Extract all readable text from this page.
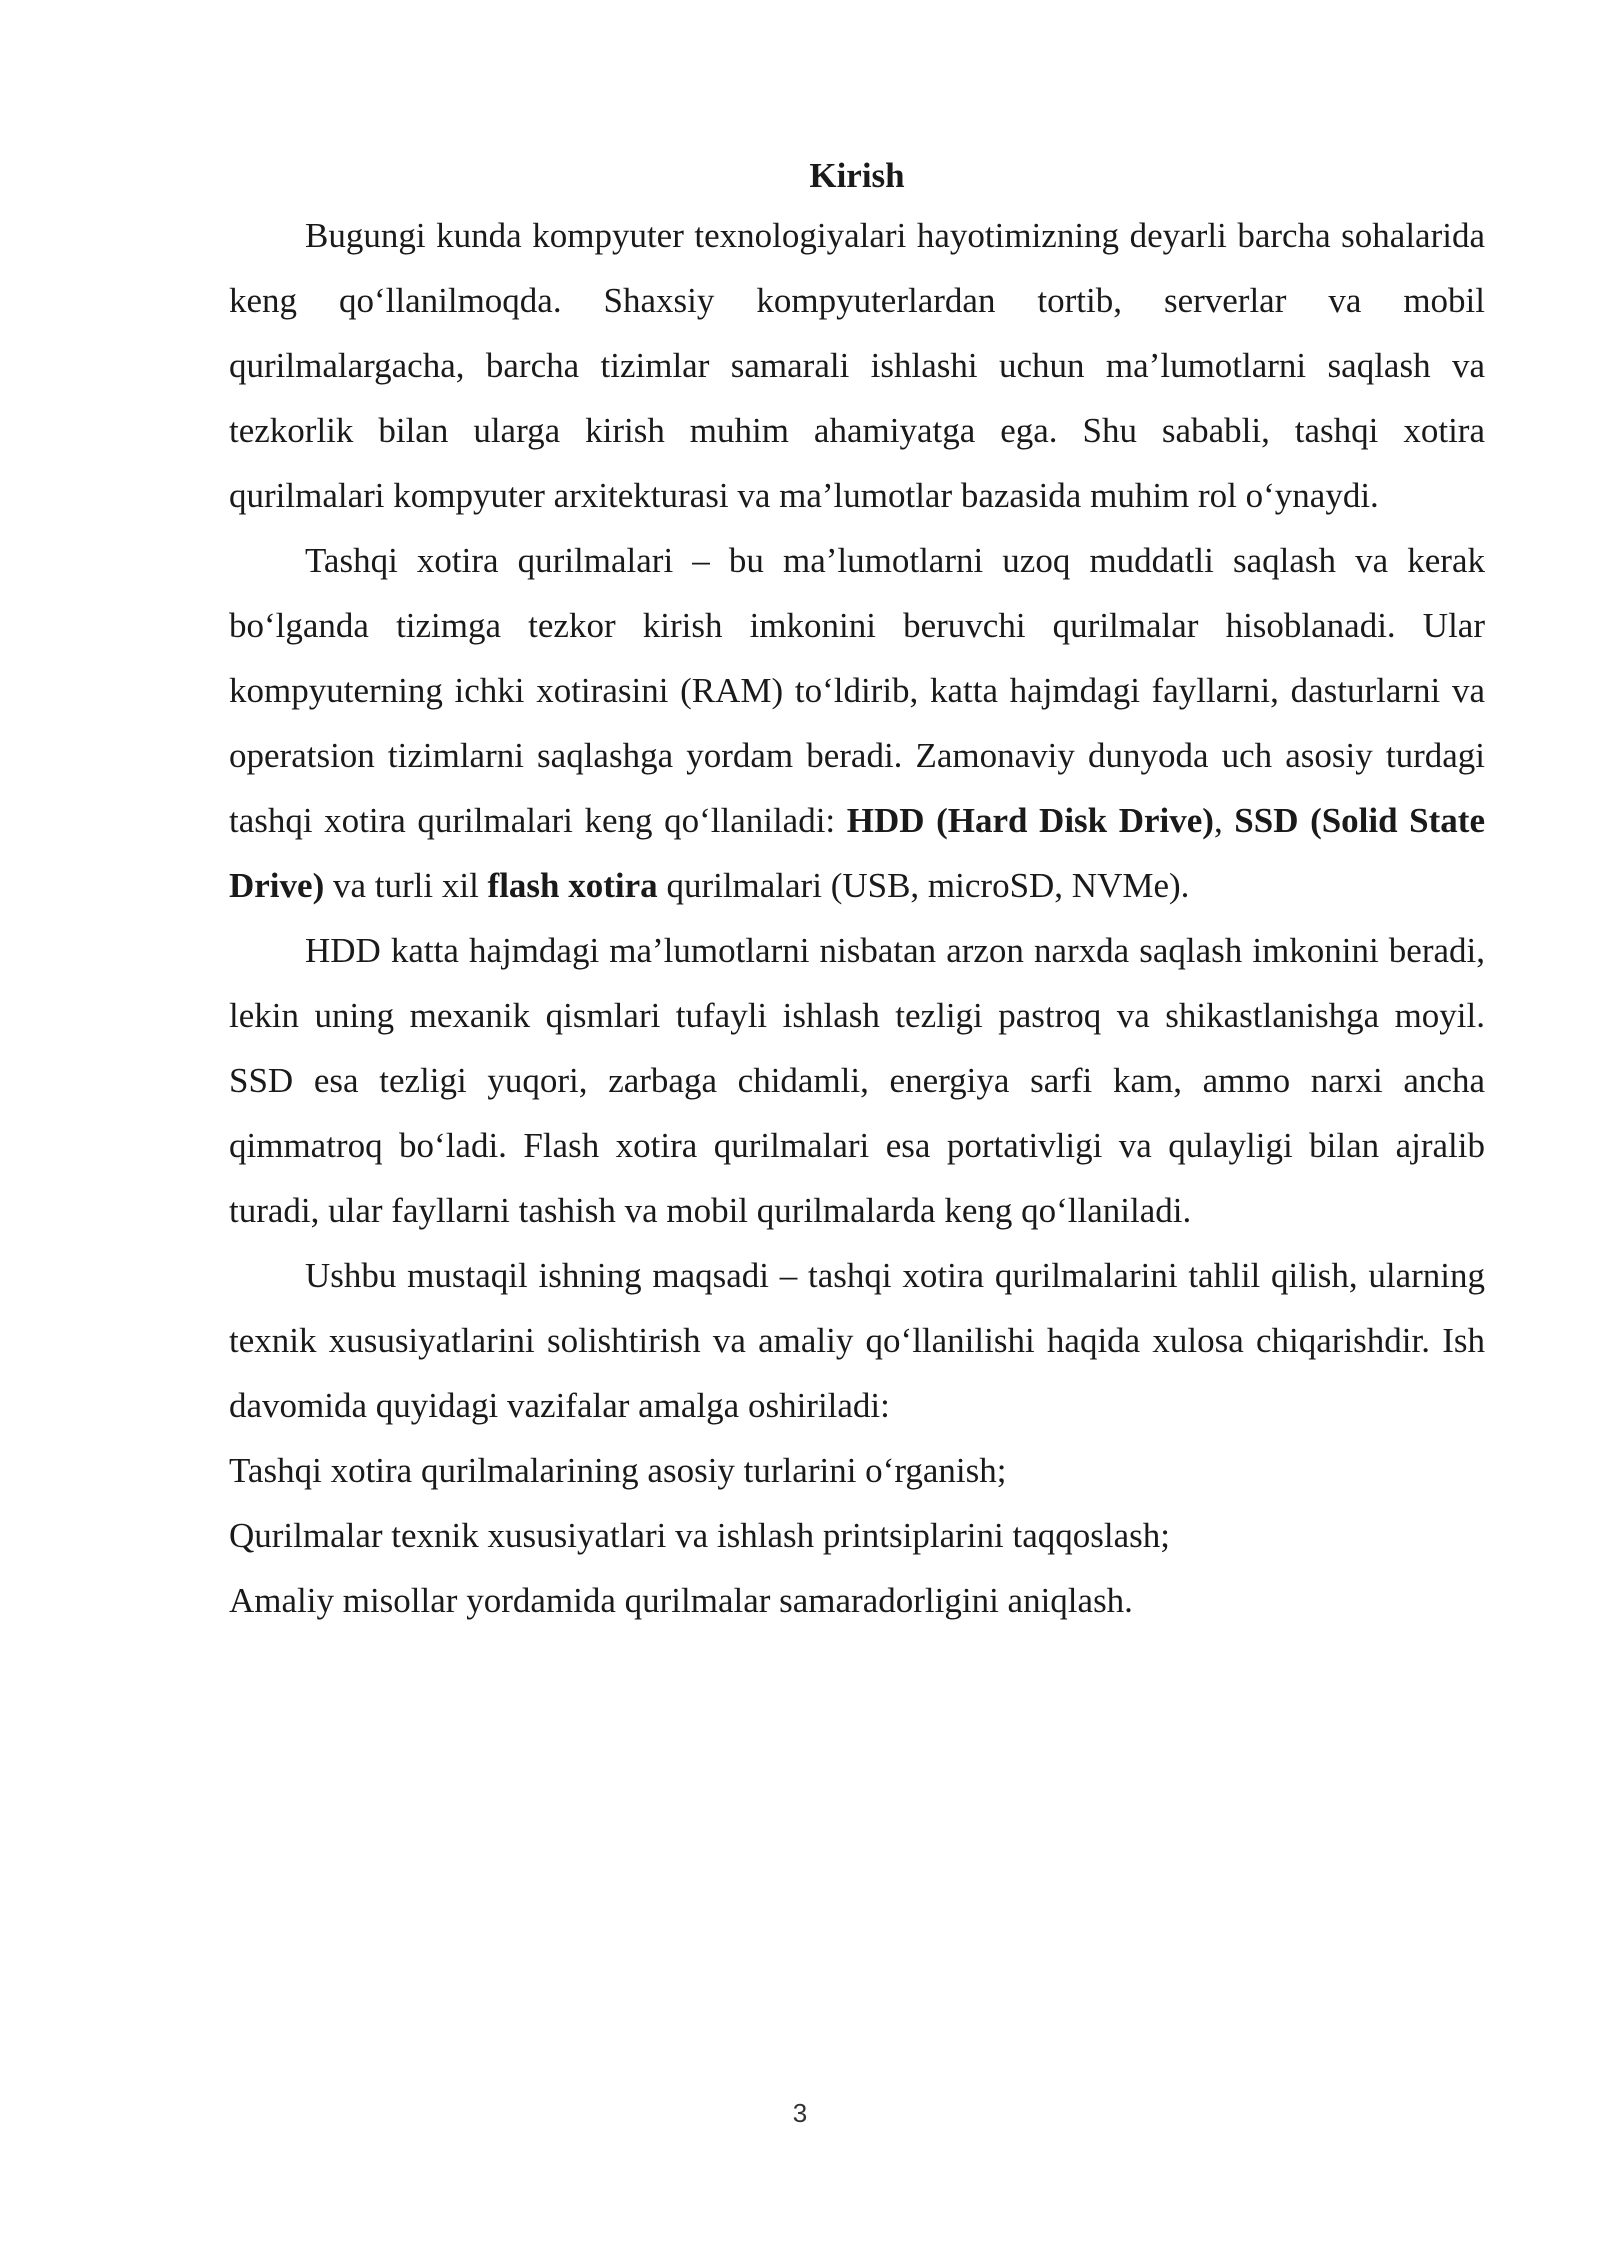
Kirish

Bugungi kunda kompyuter texnologiyalari hayotimizning deyarli barcha sohalarida keng qo‘llanilmoqda. Shaxsiy kompyuterlardan tortib, serverlar va mobil qurilmalargacha, barcha tizimlar samarali ishlashi uchun ma’lumotlarni saqlash va tezkorlik bilan ularga kirish muhim ahamiyatga ega. Shu sababli, tashqi xotira qurilmalari kompyuter arxitekturasi va ma’lumotlar bazasida muhim rol o‘ynaydi.

Tashqi xotira qurilmalari – bu ma’lumotlarni uzoq muddatli saqlash va kerak bo‘lganda tizimga tezkor kirish imkonini beruvchi qurilmalar hisoblanadi. Ular kompyuterning ichki xotirasini (RAM) to‘ldirib, katta hajmdagi fayllarni, dasturlarni va operatsion tizimlarni saqlashga yordam beradi. Zamonaviy dunyoda uch asosiy turdagi tashqi xotira qurilmalari keng qo‘llaniladi: HDD (Hard Disk Drive), SSD (Solid State Drive) va turli xil flash xotira qurilmalari (USB, microSD, NVMe).

HDD katta hajmdagi ma’lumotlarni nisbatan arzon narxda saqlash imkonini beradi, lekin uning mexanik qismlari tufayli ishlash tezligi pastroq va shikastlanishga moyil. SSD esa tezligi yuqori, zarbaga chidamli, energiya sarfi kam, ammo narxi ancha qimmatroq bo‘ladi. Flash xotira qurilmalari esa portativligi va qulayligi bilan ajralib turadi, ular fayllarni tashish va mobil qurilmalarda keng qo‘llaniladi.

Ushbu mustaqil ishning maqsadi – tashqi xotira qurilmalarini tahlil qilish, ularning texnik xususiyatlarini solishtirish va amaliy qo‘llanilishi haqida xulosa chiqarishdir. Ish davomida quyidagi vazifalar amalga oshiriladi:

Tashqi xotira qurilmalarining asosiy turlarini o‘rganish;

Qurilmalar texnik xususiyatlari va ishlash printsiplarini taqqoslash;

Amaliy misollar yordamida qurilmalar samaradorligini aniqlash.

3
